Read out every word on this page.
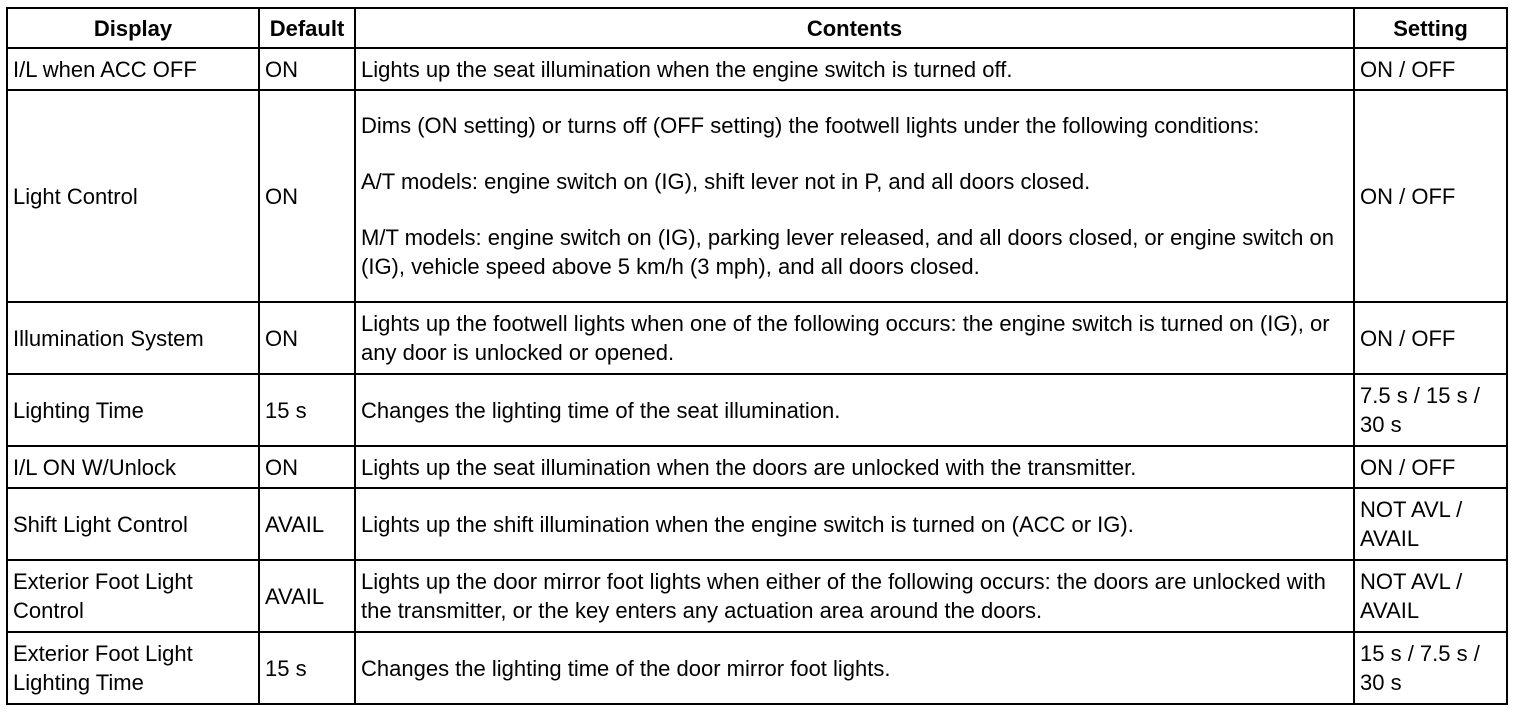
Display	Default	Contents	Setting
I/L when ACC OFF	ON	Lights up the seat illumination when the engine switch is turned off.	ON / OFF
Light Control	ON	Dims (ON setting) or turns off (OFF setting) the footwell lights under the following conditions:
A/T models: engine switch on (IG), shift lever not in P, and all doors closed.
M/T models: engine switch on (IG), parking lever released, and all doors closed, or engine switch on (IG), vehicle speed above 5 km/h (3 mph), and all doors closed.	ON / OFF
Illumination System	ON	Lights up the footwell lights when one of the following occurs: the engine switch is turned on (IG), or any door is unlocked or opened.	ON / OFF
Lighting Time	15 s	Changes the lighting time of the seat illumination.	7.5 s / 15 s / 30 s
I/L ON W/Unlock	ON	Lights up the seat illumination when the doors are unlocked with the transmitter.	ON / OFF
Shift Light Control	AVAIL	Lights up the shift illumination when the engine switch is turned on (ACC or IG).	NOT AVL / AVAIL
Exterior Foot Light Control	AVAIL	Lights up the door mirror foot lights when either of the following occurs: the doors are unlocked with the transmitter, or the key enters any actuation area around the doors.	NOT AVL / AVAIL
Exterior Foot Light Lighting Time	15 s	Changes the lighting time of the door mirror foot lights.	15 s / 7.5 s / 30 s
